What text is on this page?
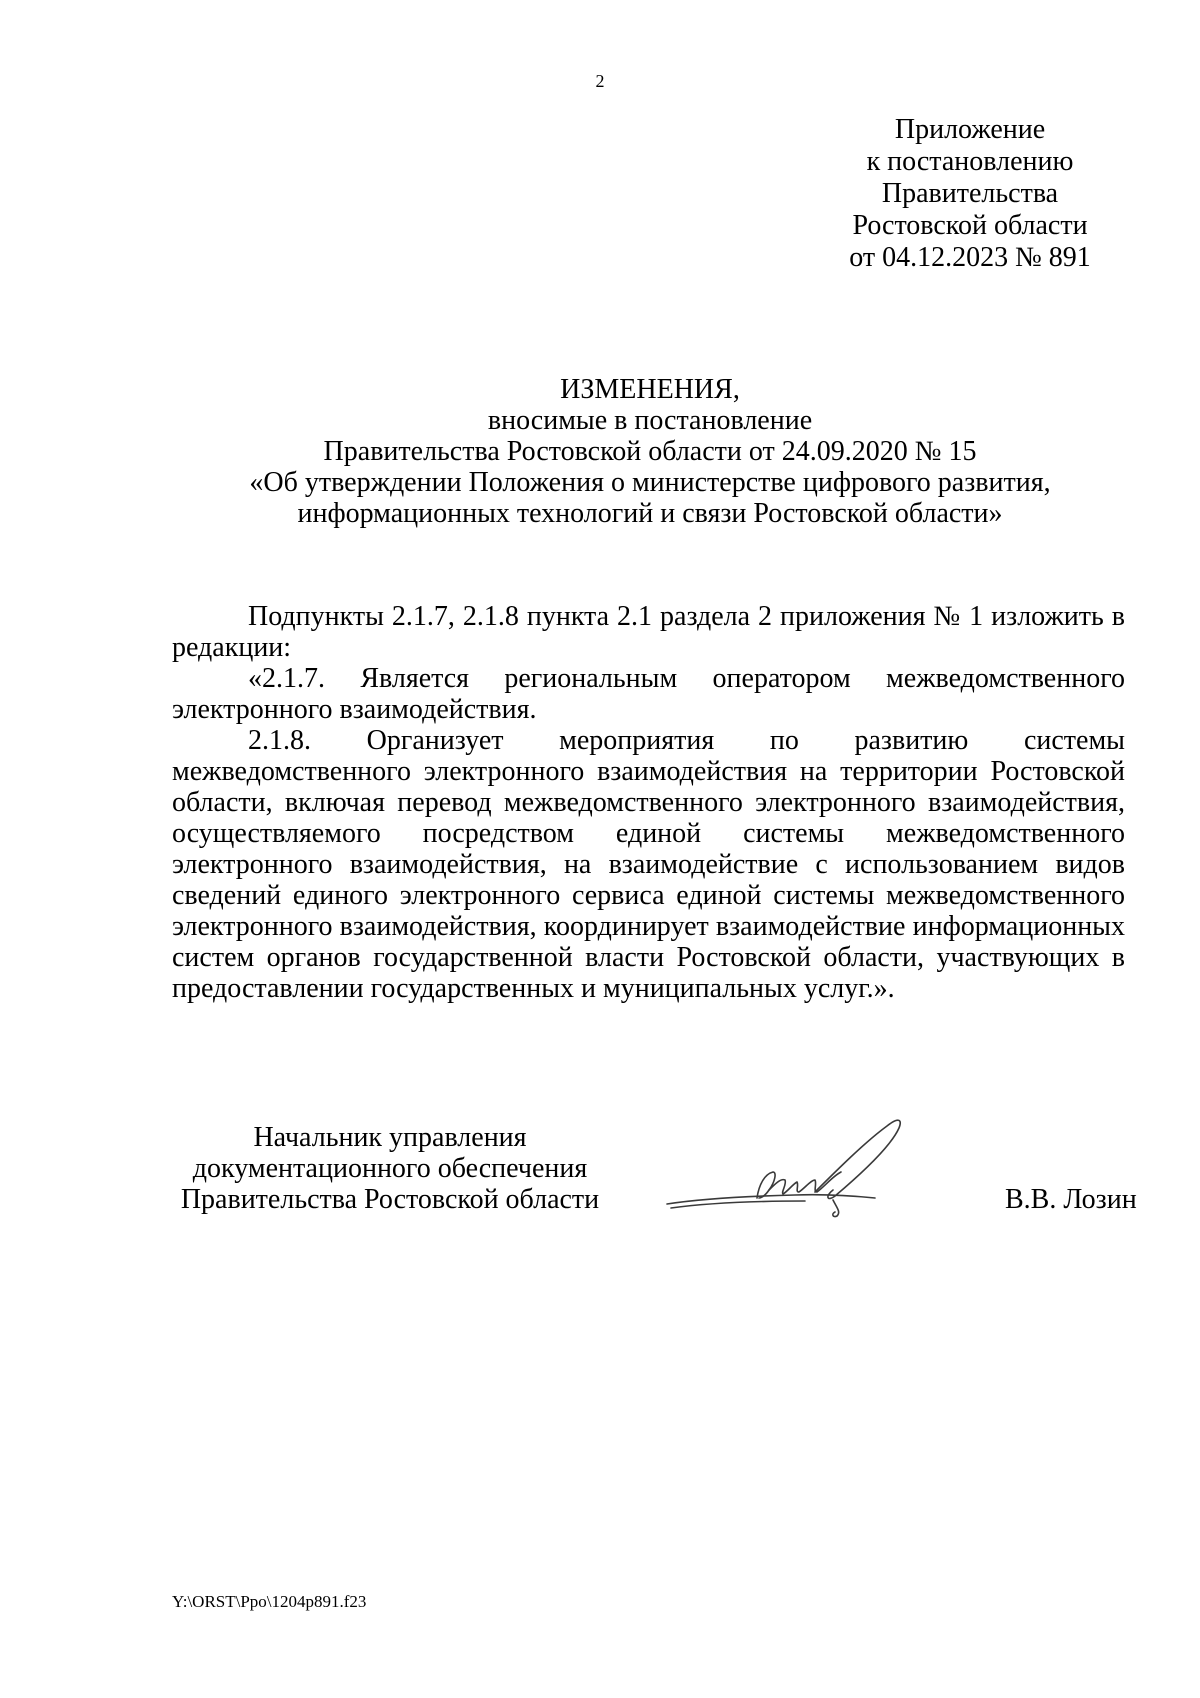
2
Приложение
к постановлению
Правительства
Ростовской области
от 04.12.2023 № 891
ИЗМЕНЕНИЯ,
вносимые в постановление
Правительства Ростовской области от 24.09.2020 № 15
«Об утверждении Положения о министерстве цифрового развития,
информационных технологий и связи Ростовской области»

Подпункты 2.1.7, 2.1.8 пункта 2.1 раздела 2 приложения № 1 изложить в редакции:

«2.1.7. Является региональным оператором межведомственного электронного взаимодействия.

2.1.8. Организует мероприятия по развитию системы межведомственного электронного взаимодействия на территории Ростовской области, включая перевод межведомственного электронного взаимодействия, осуществляемого посредством единой системы межведомственного электронного взаимодействия, на взаимодействие с использованием видов сведений единого электронного сервиса единой системы межведомственного электронного взаимодействия, координирует взаимодействие информационных систем органов государственной власти Ростовской области, участвующих в предоставлении государственных и муниципальных услуг.».

Начальник управления
документационного обеспечения
Правительства Ростовской области	В.В. Лозин
Y:\ORST\Ppo\1204p891.f23
